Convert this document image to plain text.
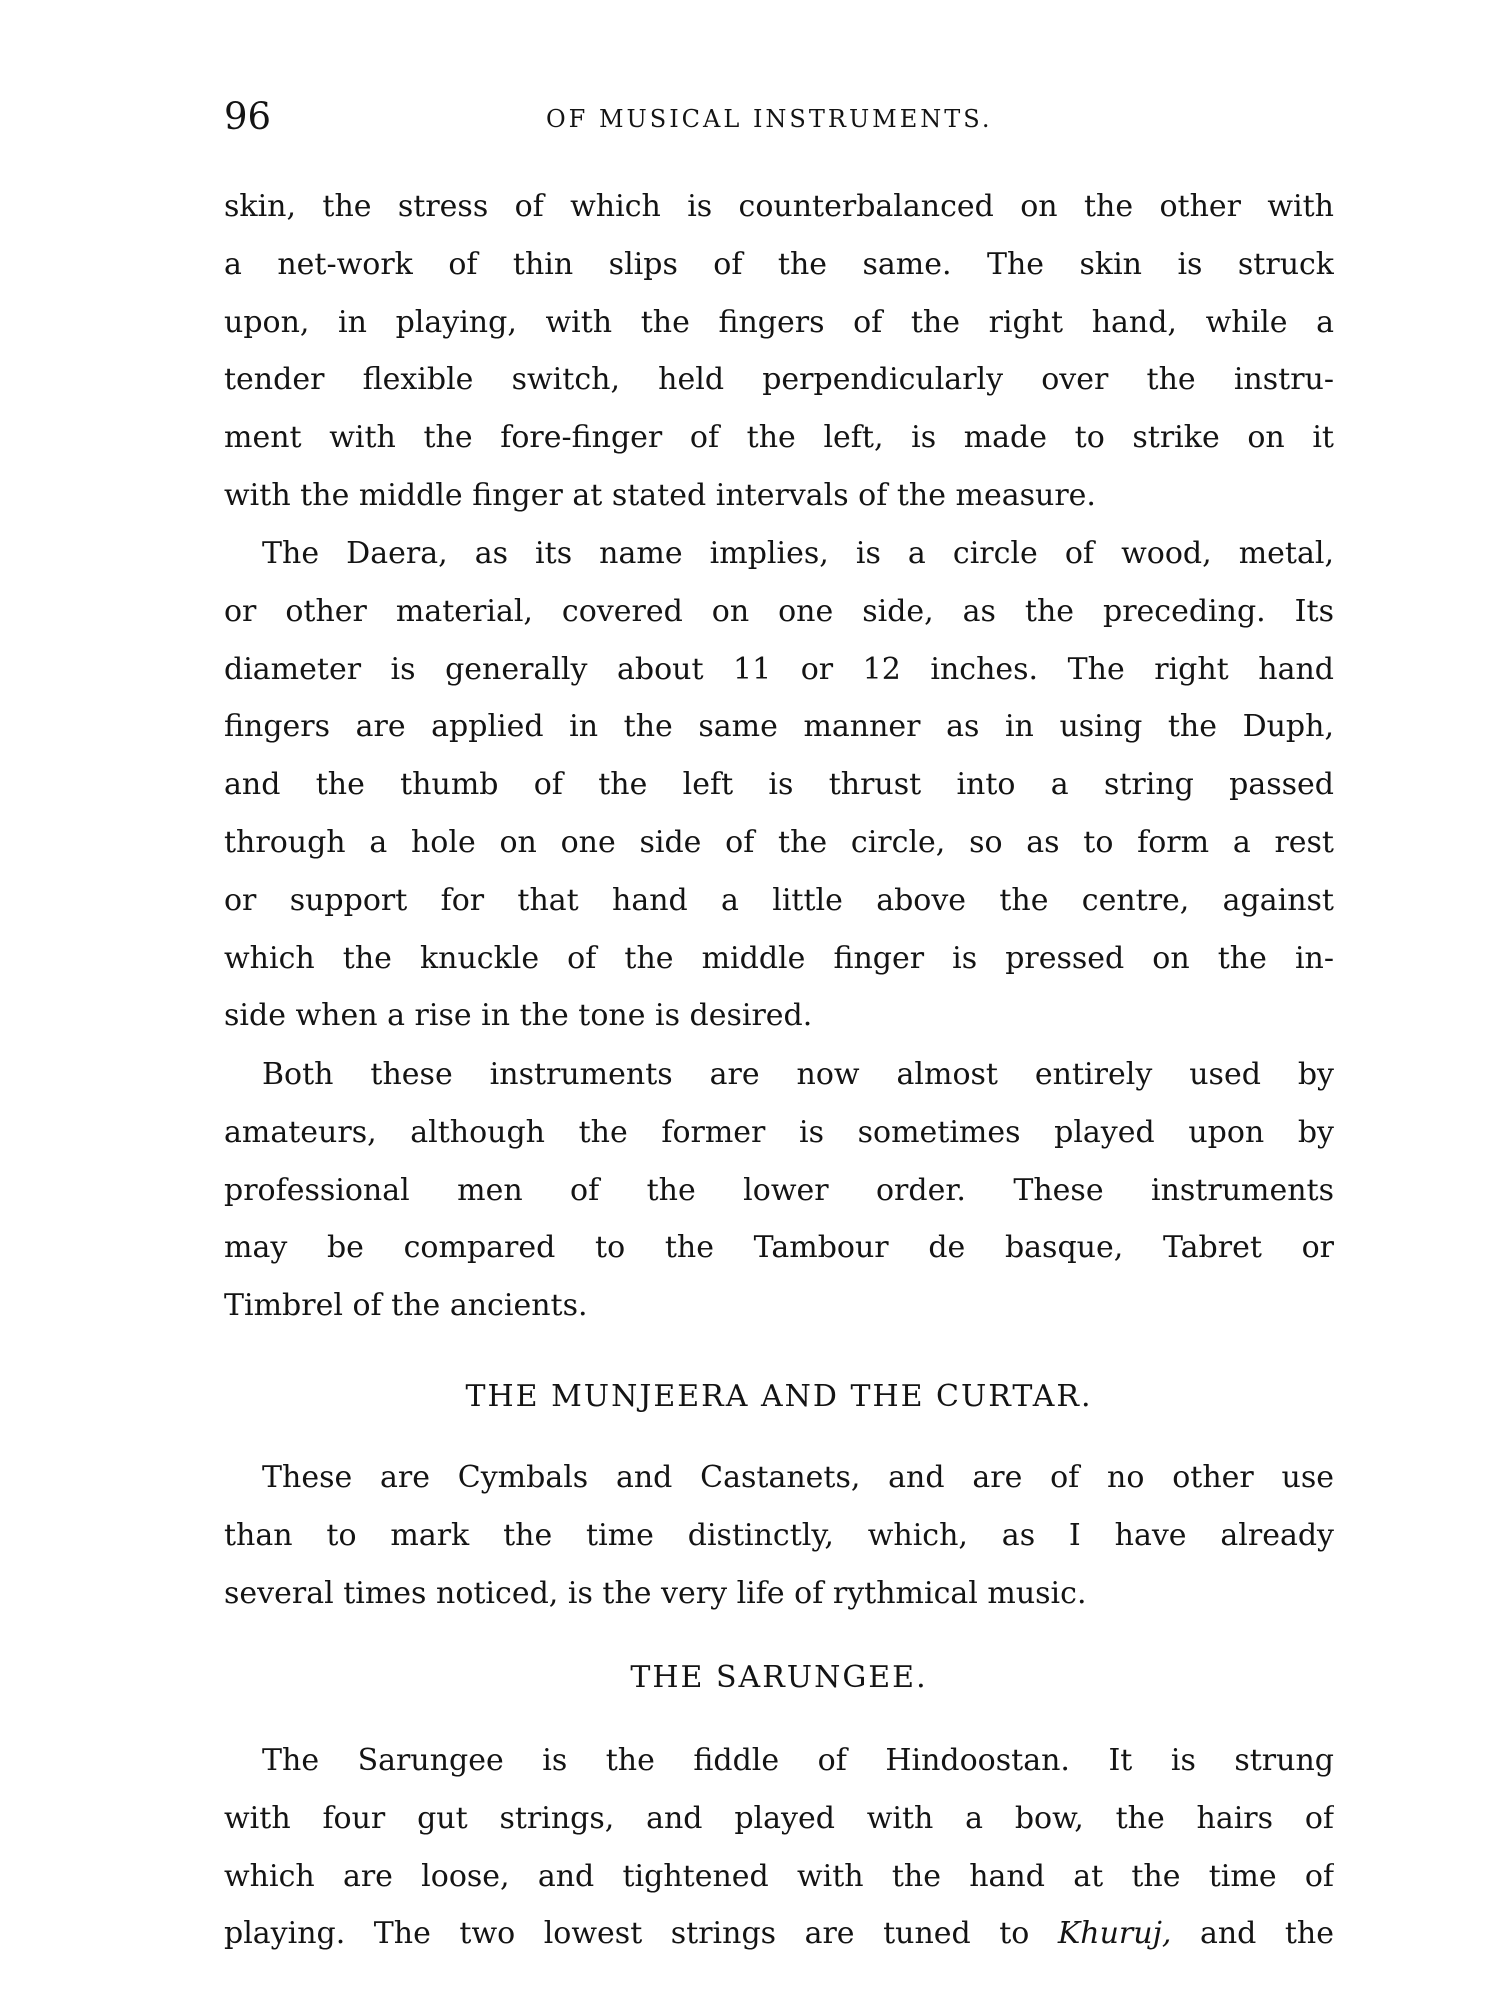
96	OF MUSICAL INSTRUMENTS.
skin, the stress of which is counterbalanced on the other with
a net-work of thin slips of the same. The skin is struck
upon, in playing, with the fingers of the right hand, while a
tender flexible switch, held perpendicularly over the instru-
ment with the fore-finger of the left, is made to strike on it
with the middle finger at stated intervals of the measure.
The Daera, as its name implies, is a circle of wood, metal,
or other material, covered on one side, as the preceding. Its
diameter is generally about 11 or 12 inches. The right hand
fingers are applied in the same manner as in using the Duph,
and the thumb of the left is thrust into a string passed
through a hole on one side of the circle, so as to form a rest
or support for that hand a little above the centre, against
which the knuckle of the middle finger is pressed on the in-
side when a rise in the tone is desired.
Both these instruments are now almost entirely used by
amateurs, although the former is sometimes played upon by
professional men of the lower order. These instruments
may be compared to the Tambour de basque, Tabret or
Timbrel of the ancients.
THE MUNJEERA AND THE CURTAR.
These are Cymbals and Castanets, and are of no other use
than to mark the time distinctly, which, as I have already
several times noticed, is the very life of rythmical music.
THE SARUNGEE.
The Sarungee is the fiddle of Hindoostan. It is strung
with four gut strings, and played with a bow, the hairs of
which are loose, and tightened with the hand at the time of
playing. The two lowest strings are tuned to Khuruj, and the
